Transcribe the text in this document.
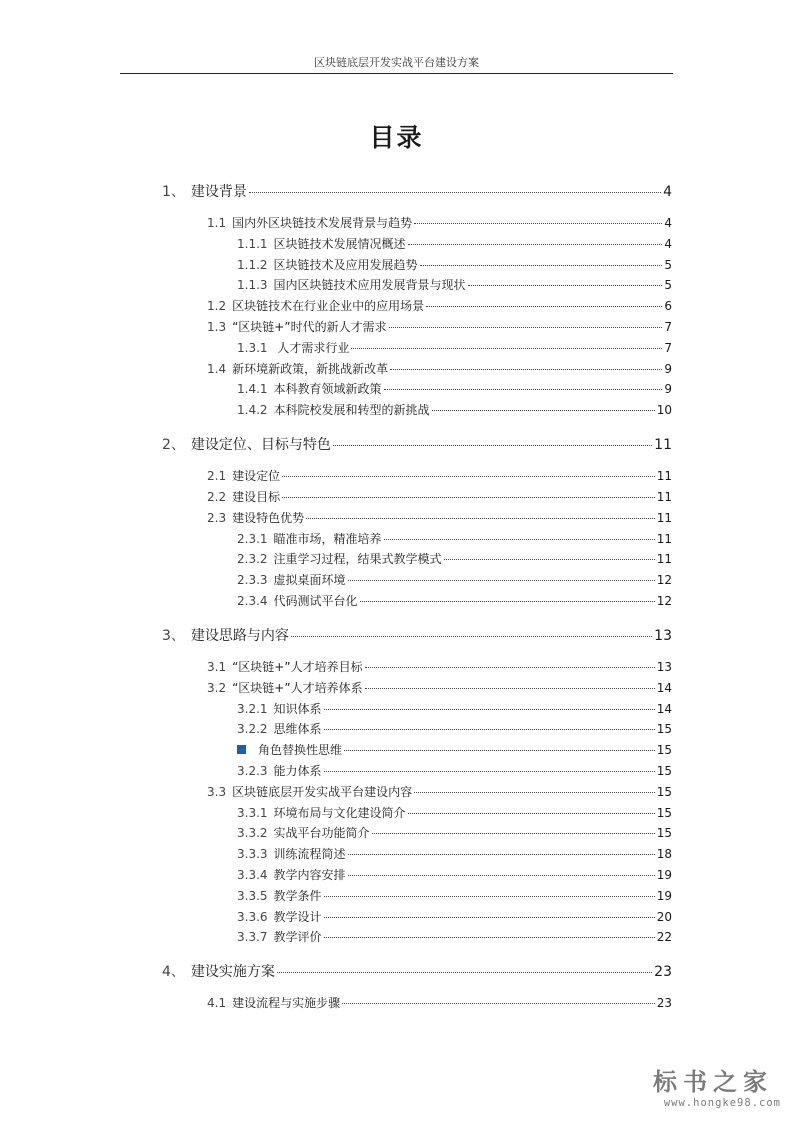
区块链底层开发实战平台建设方案
目录
1、 建设背景	4
1.1 国内外区块链技术发展背景与趋势	4
1.1.1 区块链技术发展情况概述	4
1.1.2 区块链技术及应用发展趋势	5
1.1.3 国内区块链技术应用发展背景与现状	5
1.2 区块链技术在行业企业中的应用场景	6
1.3 “区块链+”时代的新人才需求	7
1.3.1 人才需求行业	7
1.4 新环境新政策，新挑战新改革	9
1.4.1 本科教育领域新政策	9
1.4.2 本科院校发展和转型的新挑战	10
2、 建设定位、目标与特色	11
2.1 建设定位	11
2.2 建设目标	11
2.3 建设特色优势	11
2.3.1 瞄准市场，精准培养	11
2.3.2 注重学习过程，结果式教学模式	11
2.3.3 虚拟桌面环境	12
2.3.4 代码测试平台化	12
3、 建设思路与内容	13
3.1 “区块链+”人才培养目标	13
3.2 “区块链+”人才培养体系	14
3.2.1 知识体系	14
3.2.2 思维体系	15
角色替换性思维	15
3.2.3 能力体系	15
3.3 区块链底层开发实战平台建设内容	15
3.3.1 环境布局与文化建设简介	15
3.3.2 实战平台功能简介	15
3.3.3 训练流程简述	18
3.3.4 教学内容安排	19
3.3.5 教学条件	19
3.3.6 教学设计	20
3.3.7 教学评价	22
4、 建设实施方案	23
4.1 建设流程与实施步骤	23
标书之家
www.hongke98.com
